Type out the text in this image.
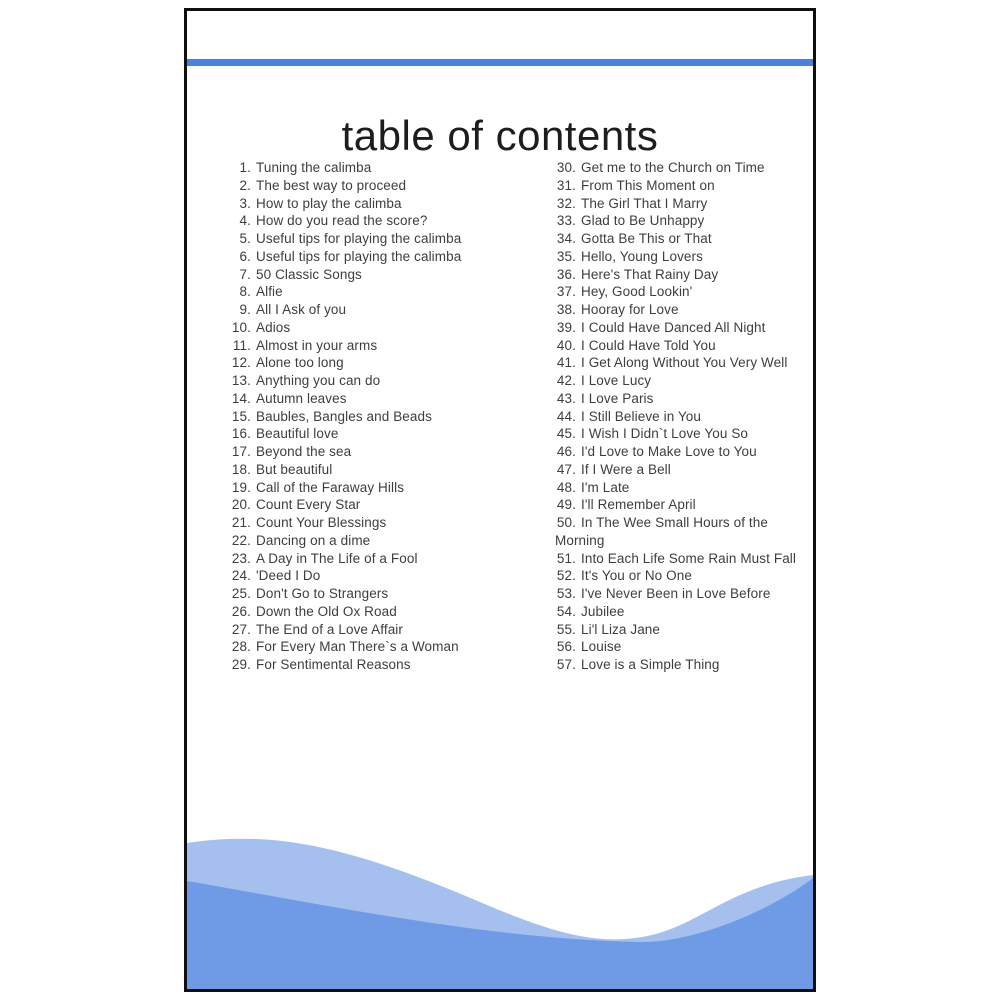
table of contents
1. Tuning the calimba
2. The best way to proceed
3. How to play the calimba
4. How do you read the score?
5. Useful tips for playing the calimba
6. Useful tips for playing the calimba
7. 50 Classic Songs
8. Alfie
9. All I Ask of you
10. Adios
11. Almost in your arms
12. Alone too long
13. Anything you can do
14. Autumn leaves
15. Baubles, Bangles and Beads
16. Beautiful love
17. Beyond the sea
18. But beautiful
19. Call of the Faraway Hills
20. Count Every Star
21. Count Your Blessings
22. Dancing on a dime
23. A Day in The Life of a Fool
24. 'Deed I Do
25. Don't Go to Strangers
26. Down the Old Ox Road
27. The End of a Love Affair
28. For Every Man There`s a Woman
29. For Sentimental Reasons
30. Get me to the Church on Time
31. From This Moment on
32. The Girl That I Marry
33. Glad to Be Unhappy
34. Gotta Be This or That
35. Hello, Young Lovers
36. Here's That Rainy Day
37. Hey, Good Lookin'
38. Hooray for Love
39. I Could Have Danced All Night
40. I Could Have Told You
41. I Get Along Without You Very Well
42. I Love Lucy
43. I Love Paris
44. I Still Believe in You
45. I Wish I Didn`t Love You So
46. I'd Love to Make Love to You
47. If I Were a Bell
48. I'm Late
49. I'll Remember April
50. In The Wee Small Hours of the Morning
51. Into Each Life Some Rain Must Fall
52. It's You or No One
53. I've Never Been in Love Before
54. Jubilee
55. Li'l Liza Jane
56. Louise
57. Love is a Simple Thing
